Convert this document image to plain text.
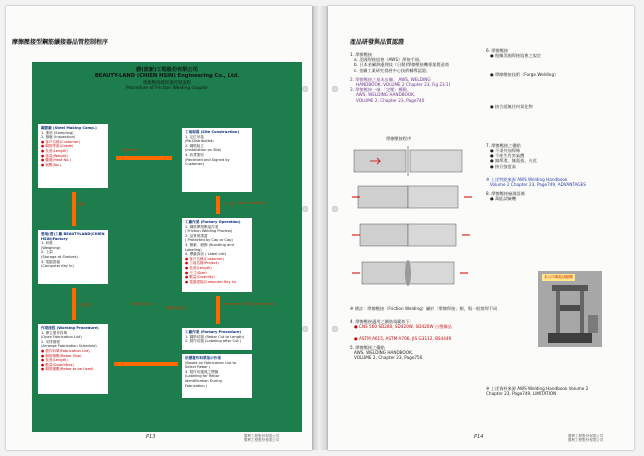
摩擦壓接型鋼筋續接器品管控制程序
勝(波新)工程股份有限公司
BEAUTY-LAND (CHIEN HSIN) Engineering Co., Ltd.
摩擦壓接續接器控制流程
Procedure of Friction Welding coupler
鋼筋廠 (Steel Making Comp.)
1. 進料 (Sampling)
2. 檢驗 (Inspection)
● 客戶名稱(Customer)
● 鋼筋等級(Grade)
● 長度(Length)
● 重量(Weight)
● 爐號(Heat No.)
● 號數(No.)
工地現場 (Site Construction)
1. 定位吊裝
(Re-Distributed)
2. 鋼筋組立
(Installation on Site)
3. 收貨簽收
(Received and Signed by Customer)
碧地(碧)工廠 BEAUTYLAND(CHIEN HSIN)Factory
1. 秤重
(Weighing)
2. 上架
(Storage at Shelves)
3. 電腦建檔
(Computer Key In)
工廠作業 (Factory Operation)
1. 鋼筋摩擦壓接作業
( Friction Welding Process)
2. 品質保護蓋
( Protected by Cap or Cap)
3. 捆紮、綑綁 (Bundling and Labeling)
4. 標籤資訊 ( Label List)
● 客戶名稱(Customer)
● 工地名稱(Project)
● 長度(Length)
● 尺寸(Size)
● 數量(Quantity)
● 電腦建檔(Computer Key In)
作業流程 (Working Procedure)
1. 開立製作料單
(Open Fabrication List)
2. 安排期程
(Arrange Fabrication Schedule)
● 製作料單(Fabrication List)
● 鋼筋號數(Rebar Size)
● 長度(Length)
● 數量(Quantities)
● 鋼筋號數(Rebar to be Used)
工廠作業 (Factory Procedure)
1. 鋼筋切割 (Rebar Cut to Length)
2. 製作切割 (Labeling after Cut )
依標簽作料單指示作業
(Based on Fabrication List to
Select Rebar )
3. 製作切割後之標籤
(Labeling for Rebar
Identification During
Fabrication )
Shipment
3. 出料 Dept. & Delivery
工地材料	Material List
機器安裝設定
Parameter Setting of Machine
捆紮
P13	勝利工程股份有限公司
勝利工程股份有限公司
產品研發與品質認證
1. 摩擦壓接
a. 美國焊接協會（AWS）焊接手冊。
b. 日本金屬熱處理技（日動)摩擦壓接機專業製造商
c. 金屬工業研究發展中心技術輔導認證。
2. 摩擦壓接之基本步驟。 AWS, WELDING
HANDBOOK, VOLUME 2 Chapter 23, Fig 23.1)
3. 摩擦壓接一端 「定壓」轉動。
AWS, WELDING HANDBOOK,
VOLUME 2, Chapter 23, Page740
摩擦壓接程序
※ 備註：摩擦壓接（Friction Welding）屬於「摩擦焊接」類，與一般熔焊不同
4. 摩擦壓接適用之鋼筋規範如下：
● CNS 560 SD280, SD420W, SD420W 台塑鋼品
● ASTM A615, ASTM A706, JIS G3112, BS4449
5. 摩擦壓接之優點
AWS, WELDING HANDBOOK,
VOLUME 2, Chapter 23, Page750
6. 摩擦壓接
● 根據美國焊接協會之規定
● 摩擦壓接技術（Forge Welding）
● 接合面無任何氧化物
7. 摩擦壓接之優點
● 不須外加焊條
● 不產生有害氣體
● 無焊渣、無電弧、火花
● 接合強度高
※ 上述特點來源 AWS Welding Handbook
Volume 2 Chapter 23, Page749, ADVANTAGES
8. 摩擦壓接檢測設備
● 萬能試驗機
※ 上述資料來源 AWS Welding Handbook Volume 2
Chapter 23, Page749, LIMITATION
本公司萬能試驗機
P14	勝利工程股份有限公司
勝利工程股份有限公司
